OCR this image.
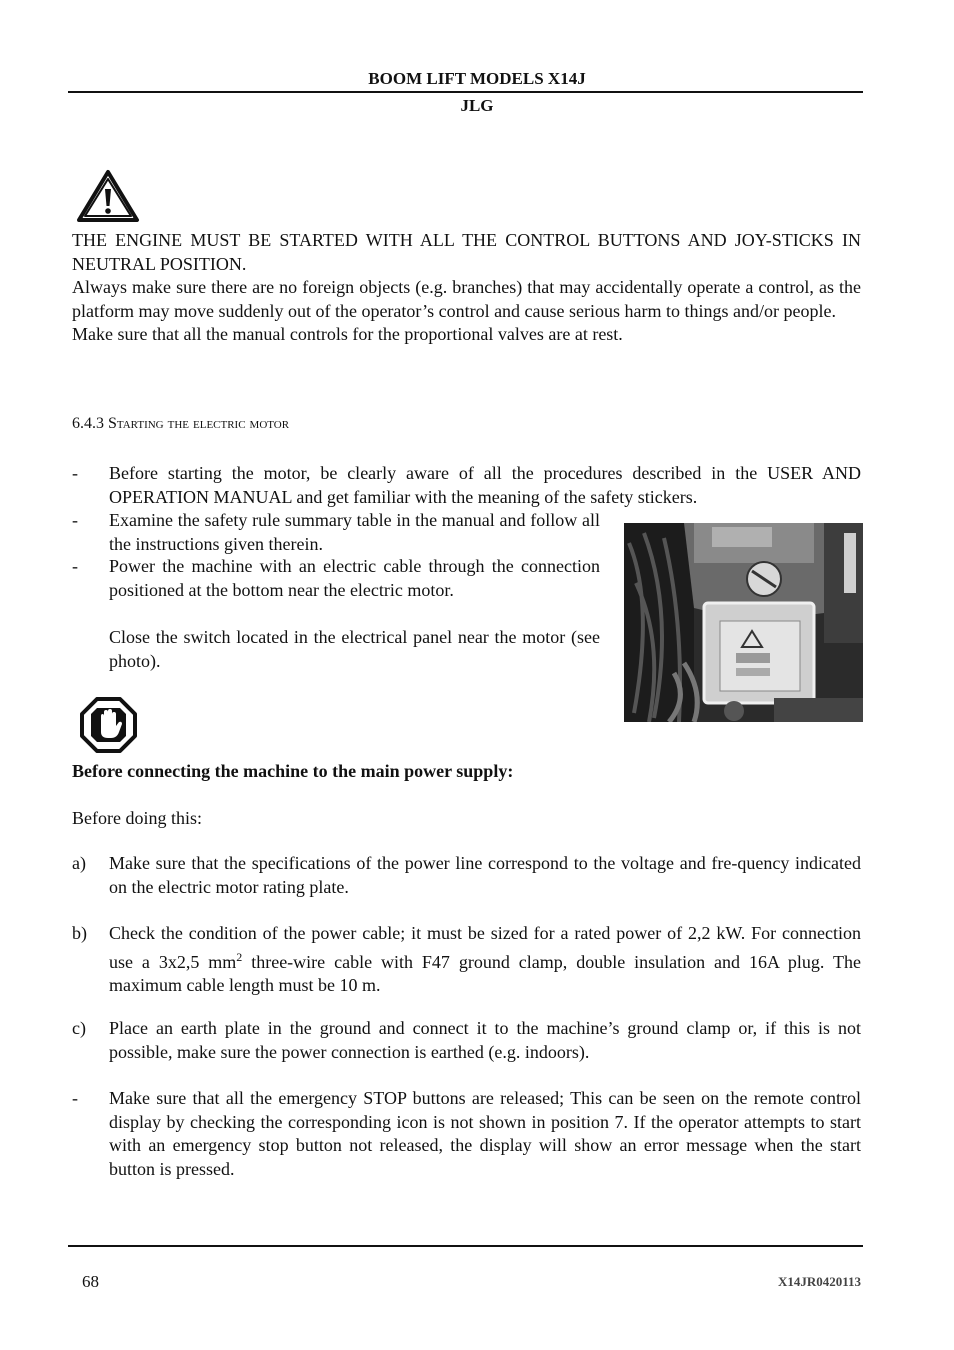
BOOM LIFT MODELS X14J
JLG

THE ENGINE MUST BE STARTED WITH ALL THE CONTROL BUTTONS AND JOY-STICKS IN NEUTRAL POSITION.

Always make sure there are no foreign objects (e.g. branches) that may accidentally operate a control, as the platform may move suddenly out of the operator’s control and cause serious harm to things and/or people.

Make sure that all the manual controls for the proportional valves are at rest.

6.4.3 Starting the electric motor
-	Before starting the motor, be clearly aware of all the procedures described in the USER AND OPERATION MANUAL and get familiar with the meaning of the safety stickers.
-	Examine the safety rule summary table in the manual and follow all the instructions given therein.
-	Power the machine with an electric cable through the connection positioned at the bottom near the electric motor.
Close the switch located in the electrical panel near the motor (see photo).
Before connecting the machine to the main power supply:
Before doing this:
a)	Make sure that the specifications of the power line correspond to the voltage and fre-quency indicated on the electric motor rating plate.
b)	Check the condition of the power cable; it must be sized for a rated power of 2,2 kW. For connection use a 3x2,5 $mm^2$ three-wire cable with F47 ground clamp, double insulation and 16A plug. The maximum cable length must be 10 m.
c)	Place an earth plate in the ground and connect it to the machine’s ground clamp or, if this is not possible, make sure the power connection is earthed (e.g. indoors).
-	Make sure that all the emergency STOP buttons are released; This can be seen on the remote control display by checking the corresponding icon is not shown in position 7. If the operator attempts to start with an emergency stop button not released, the display will show an error message when the start button is pressed.
68	X14JR0420113
